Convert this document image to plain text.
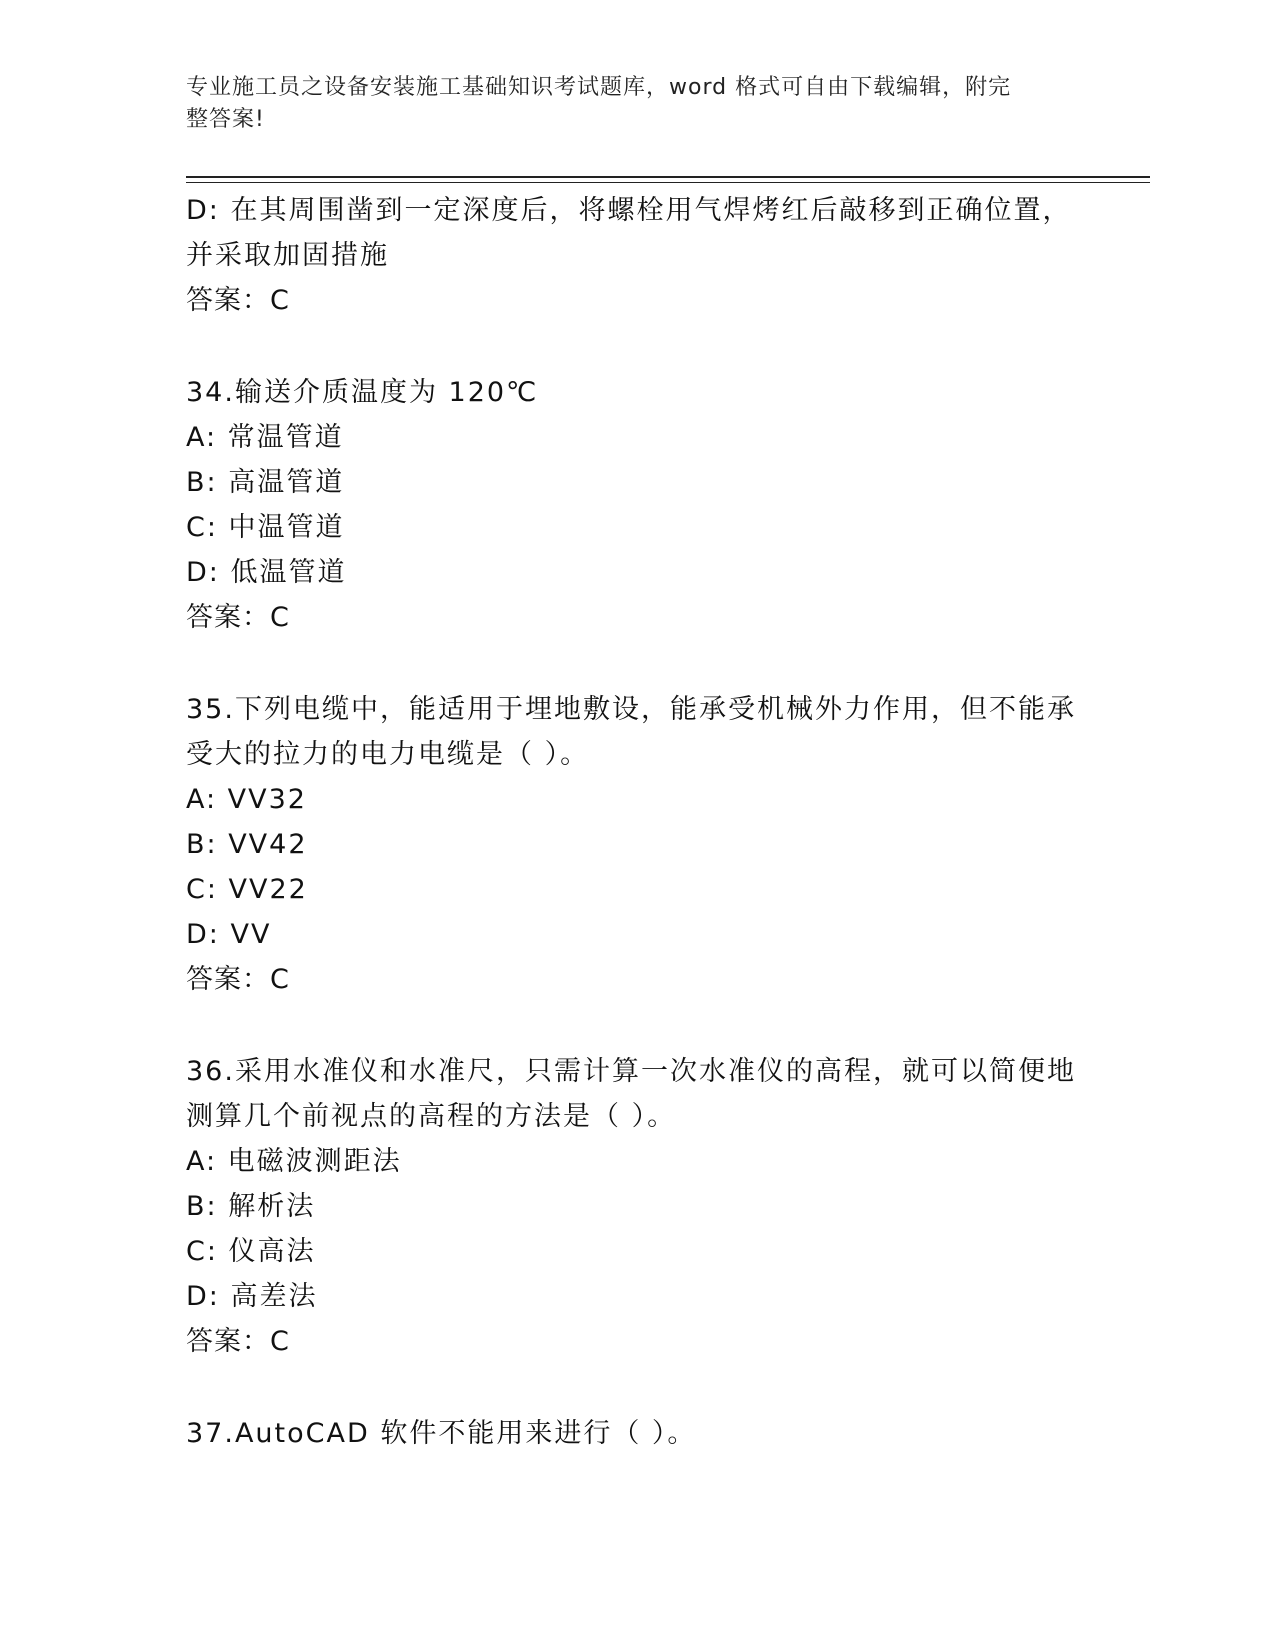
专业施工员之设备安装施工基础知识考试题库，word 格式可自由下载编辑，附完
整答案!
D: 在其周围凿到一定深度后，将螺栓用气焊烤红后敲移到正确位置，
并采取加固措施
答案：C
34.输送介质温度为 120℃
A: 常温管道
B: 高温管道
C: 中温管道
D: 低温管道
答案：C
35.下列电缆中，能适用于埋地敷设，能承受机械外力作用，但不能承
受大的拉力的电力电缆是（ ）。
A: VV32
B: VV42
C: VV22
D: VV
答案：C
36.采用水准仪和水准尺，只需计算一次水准仪的高程，就可以简便地
测算几个前视点的高程的方法是（ ）。
A: 电磁波测距法
B: 解析法
C: 仪高法
D: 高差法
答案：C
37.AutoCAD 软件不能用来进行（ ）。
